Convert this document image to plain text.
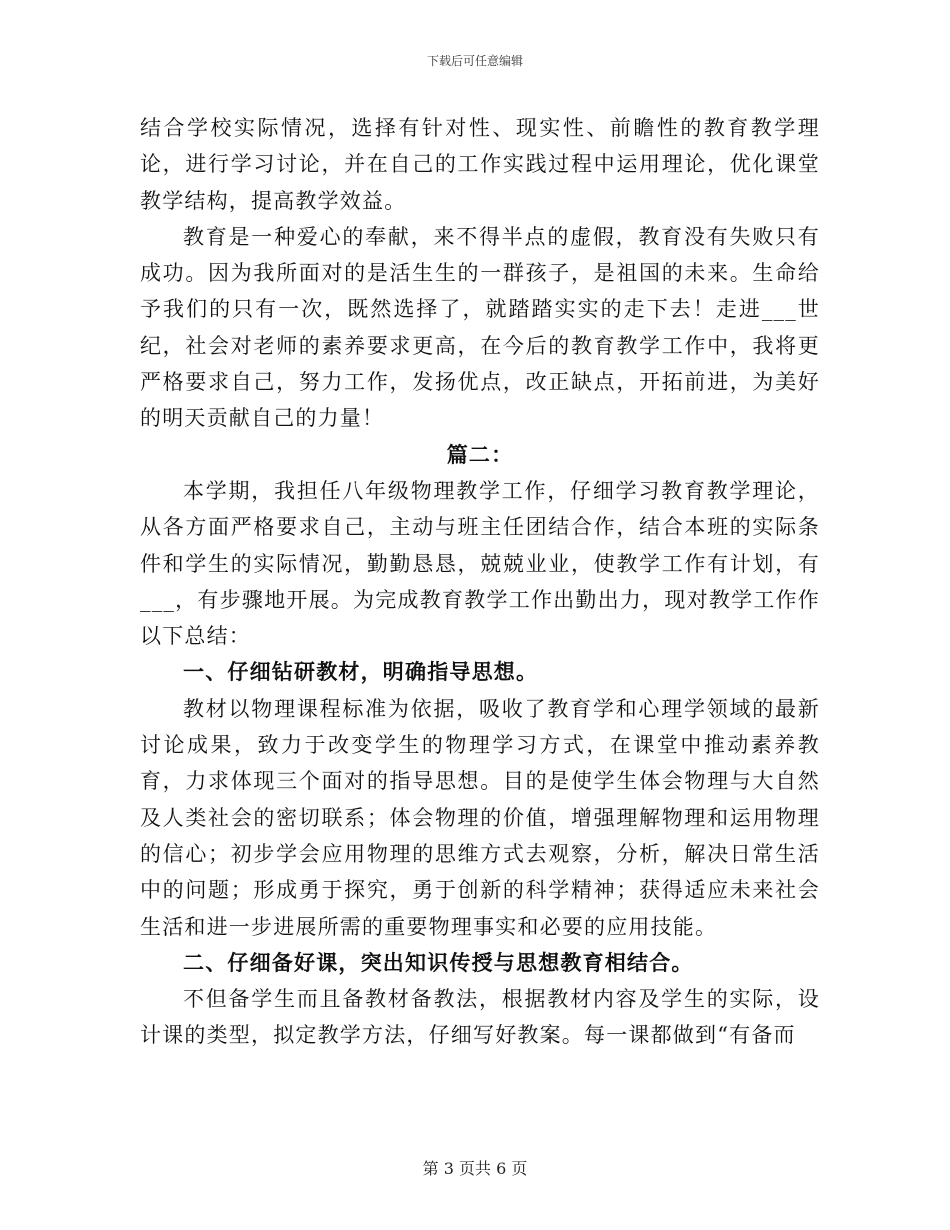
下载后可任意编辑

结合学校实际情况，选择有针对性、现实性、前瞻性的教育教学理论，进行学习讨论，并在自己的工作实践过程中运用理论，优化课堂教学结构，提高教学效益。

教育是一种爱心的奉献，来不得半点的虚假，教育没有失败只有成功。因为我所面对的是活生生的一群孩子，是祖国的未来。生命给予我们的只有一次，既然选择了，就踏踏实实的走下去！走进___世纪，社会对老师的素养要求更高，在今后的教育教学工作中，我将更严格要求自己，努力工作，发扬优点，改正缺点，开拓前进，为美好的明天贡献自己的力量！

篇二：

本学期，我担任八年级物理教学工作，仔细学习教育教学理论，从各方面严格要求自己，主动与班主任团结合作，结合本班的实际条件和学生的实际情况，勤勤恳恳，兢兢业业，使教学工作有计划，有___，有步骤地开展。为完成教育教学工作出勤出力，现对教学工作作以下总结：

一、仔细钻研教材，明确指导思想。

教材以物理课程标准为依据，吸收了教育学和心理学领域的最新讨论成果，致力于改变学生的物理学习方式，在课堂中推动素养教育，力求体现三个面对的指导思想。目的是使学生体会物理与大自然及人类社会的密切联系；体会物理的价值，增强理解物理和运用物理的信心；初步学会应用物理的思维方式去观察，分析，解决日常生活中的问题；形成勇于探究，勇于创新的科学精神；获得适应未来社会生活和进一步进展所需的重要物理事实和必要的应用技能。

二、仔细备好课，突出知识传授与思想教育相结合。

不但备学生而且备教材备教法，根据教材内容及学生的实际，设计课的类型，拟定教学方法，仔细写好教案。每一课都做到“有备而

第 3 页共 6 页
